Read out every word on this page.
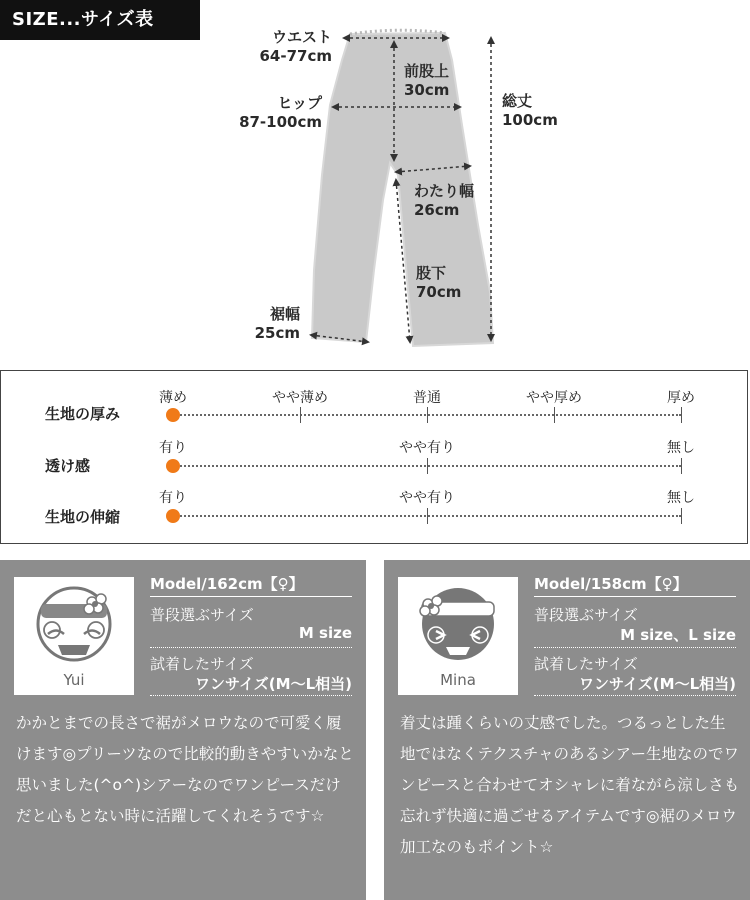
SIZE...サイズ表
ウエスト
64-77cm
ヒップ
87-100cm
前股上
30cm
総丈
100cm
わたり幅
26cm
股下
70cm
裾幅
25cm
生地の厚み
薄め	やや薄め	普通	やや厚め	厚め
透け感
有り	やや有り	無し
生地の伸縮
有り	やや有り	無し
Yui
Model/162cm【♀】
普段選ぶサイズ
M size
試着したサイズ
ワンサイズ(M〜L相当)
かかとまでの長さで裾がメロウなので可愛く履けます◎プリーツなので比較的動きやすいかなと思いました(^o^)シアーなのでワンピースだけだと心もとない時に活躍してくれそうです☆
Mina
Model/158cm【♀】
普段選ぶサイズ
M size、L size
試着したサイズ
ワンサイズ(M〜L相当)
着丈は踵くらいの丈感でした。つるっとした生地ではなくテクスチャのあるシアー生地なのでワンピースと合わせてオシャレに着ながら涼しさも忘れず快適に過ごせるアイテムです◎裾のメロウ加工なのもポイント☆
